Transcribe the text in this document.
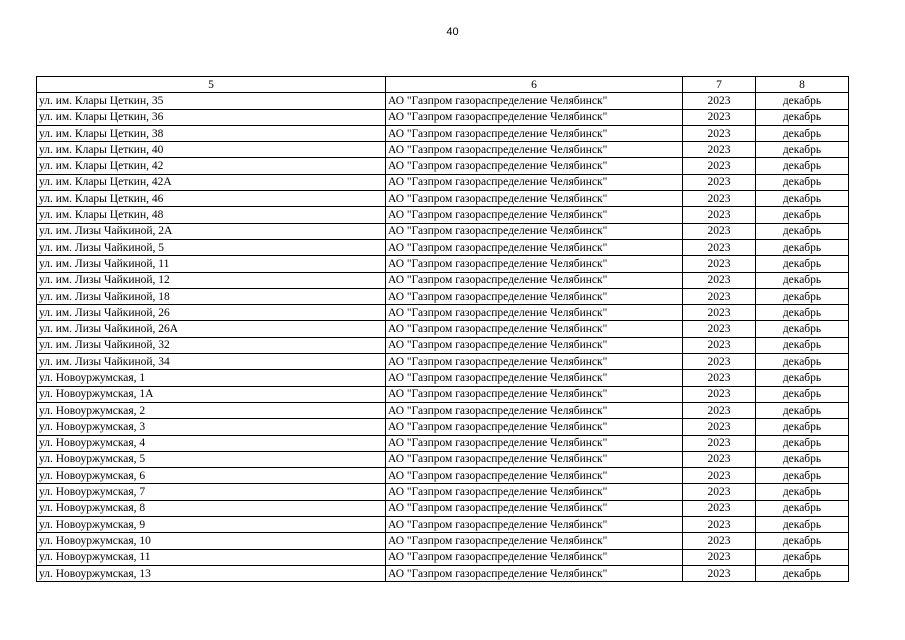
40
5	6	7	8
ул. им. Клары Цеткин, 35	АО "Газпром газораспределение Челябинск"	2023	декабрь
ул. им. Клары Цеткин, 36	АО "Газпром газораспределение Челябинск"	2023	декабрь
ул. им. Клары Цеткин, 38	АО "Газпром газораспределение Челябинск"	2023	декабрь
ул. им. Клары Цеткин, 40	АО "Газпром газораспределение Челябинск"	2023	декабрь
ул. им. Клары Цеткин, 42	АО "Газпром газораспределение Челябинск"	2023	декабрь
ул. им. Клары Цеткин, 42А	АО "Газпром газораспределение Челябинск"	2023	декабрь
ул. им. Клары Цеткин, 46	АО "Газпром газораспределение Челябинск"	2023	декабрь
ул. им. Клары Цеткин, 48	АО "Газпром газораспределение Челябинск"	2023	декабрь
ул. им. Лизы Чайкиной, 2А	АО "Газпром газораспределение Челябинск"	2023	декабрь
ул. им. Лизы Чайкиной, 5	АО "Газпром газораспределение Челябинск"	2023	декабрь
ул. им. Лизы Чайкиной, 11	АО "Газпром газораспределение Челябинск"	2023	декабрь
ул. им. Лизы Чайкиной, 12	АО "Газпром газораспределение Челябинск"	2023	декабрь
ул. им. Лизы Чайкиной, 18	АО "Газпром газораспределение Челябинск"	2023	декабрь
ул. им. Лизы Чайкиной, 26	АО "Газпром газораспределение Челябинск"	2023	декабрь
ул. им. Лизы Чайкиной, 26А	АО "Газпром газораспределение Челябинск"	2023	декабрь
ул. им. Лизы Чайкиной, 32	АО "Газпром газораспределение Челябинск"	2023	декабрь
ул. им. Лизы Чайкиной, 34	АО "Газпром газораспределение Челябинск"	2023	декабрь
ул. Новоуржумская, 1	АО "Газпром газораспределение Челябинск"	2023	декабрь
ул. Новоуржумская, 1А	АО "Газпром газораспределение Челябинск"	2023	декабрь
ул. Новоуржумская, 2	АО "Газпром газораспределение Челябинск"	2023	декабрь
ул. Новоуржумская, 3	АО "Газпром газораспределение Челябинск"	2023	декабрь
ул. Новоуржумская, 4	АО "Газпром газораспределение Челябинск"	2023	декабрь
ул. Новоуржумская, 5	АО "Газпром газораспределение Челябинск"	2023	декабрь
ул. Новоуржумская, 6	АО "Газпром газораспределение Челябинск"	2023	декабрь
ул. Новоуржумская, 7	АО "Газпром газораспределение Челябинск"	2023	декабрь
ул. Новоуржумская, 8	АО "Газпром газораспределение Челябинск"	2023	декабрь
ул. Новоуржумская, 9	АО "Газпром газораспределение Челябинск"	2023	декабрь
ул. Новоуржумская, 10	АО "Газпром газораспределение Челябинск"	2023	декабрь
ул. Новоуржумская, 11	АО "Газпром газораспределение Челябинск"	2023	декабрь
ул. Новоуржумская, 13	АО "Газпром газораспределение Челябинск"	2023	декабрь
